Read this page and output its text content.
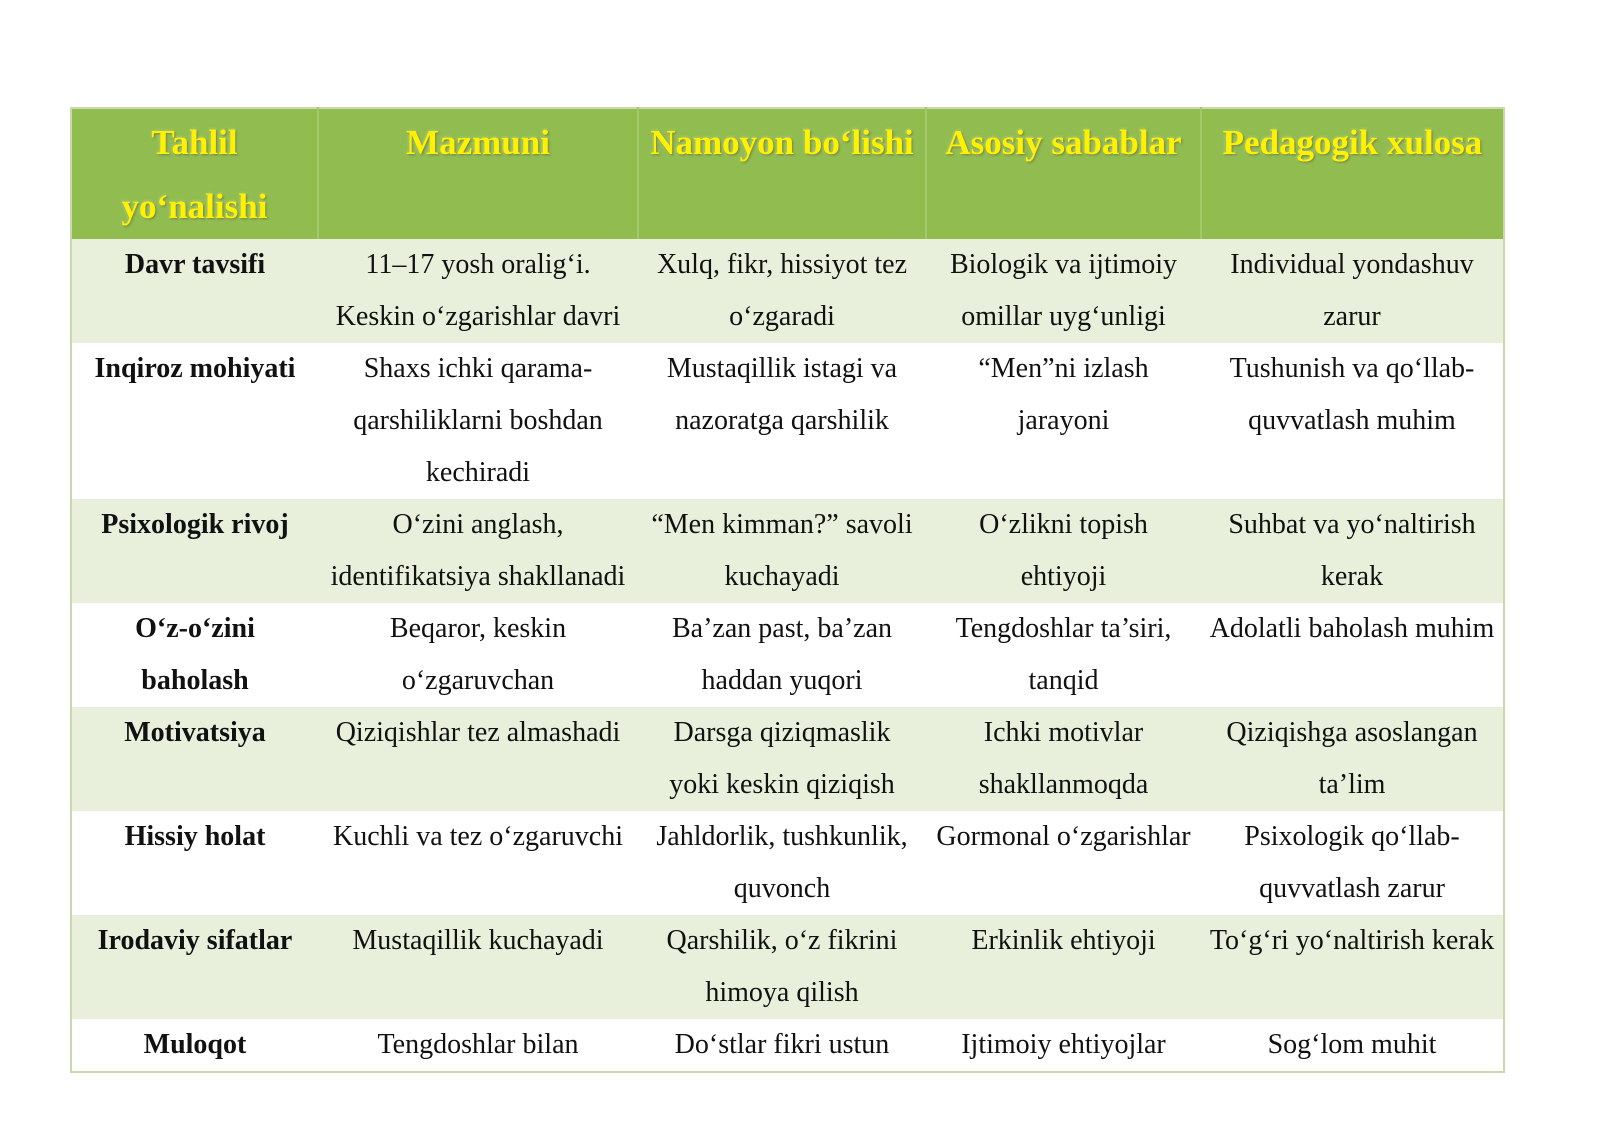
Tahlil yo‘nalishi	Mazmuni	Namoyon bo‘lishi	Asosiy sabablar	Pedagogik xulosa
Davr tavsifi	11–17 yosh oralig‘i. Keskin o‘zgarishlar davri	Xulq, fikr, hissiyot tez o‘zgaradi	Biologik va ijtimoiy omillar uyg‘unligi	Individual yondashuv zarur
Inqiroz mohiyati	Shaxs ichki qarama-qarshiliklarni boshdan kechiradi	Mustaqillik istagi va nazoratga qarshilik	“Men”ni izlash jarayoni	Tushunish va qo‘llab-quvvatlash muhim
Psixologik rivoj	O‘zini anglash, identifikatsiya shakllanadi	“Men kimman?” savoli kuchayadi	O‘zlikni topish ehtiyoji	Suhbat va yo‘naltirish kerak
O‘z-o‘zini baholash	Beqaror, keskin o‘zgaruvchan	Ba’zan past, ba’zan haddan yuqori	Tengdoshlar ta’siri, tanqid	Adolatli baholash muhim
Motivatsiya	Qiziqishlar tez almashadi	Darsga qiziqmaslik yoki keskin qiziqish	Ichki motivlar shakllanmoqda	Qiziqishga asoslangan ta’lim
Hissiy holat	Kuchli va tez o‘zgaruvchi	Jahldorlik, tushkunlik, quvonch	Gormonal o‘zgarishlar	Psixologik qo‘llab-quvvatlash zarur
Irodaviy sifatlar	Mustaqillik kuchayadi	Qarshilik, o‘z fikrini himoya qilish	Erkinlik ehtiyoji	To‘g‘ri yo‘naltirish kerak
Muloqot	Tengdoshlar bilan	Do‘stlar fikri ustun	Ijtimoiy ehtiyojlar	Sog‘lom muhit
